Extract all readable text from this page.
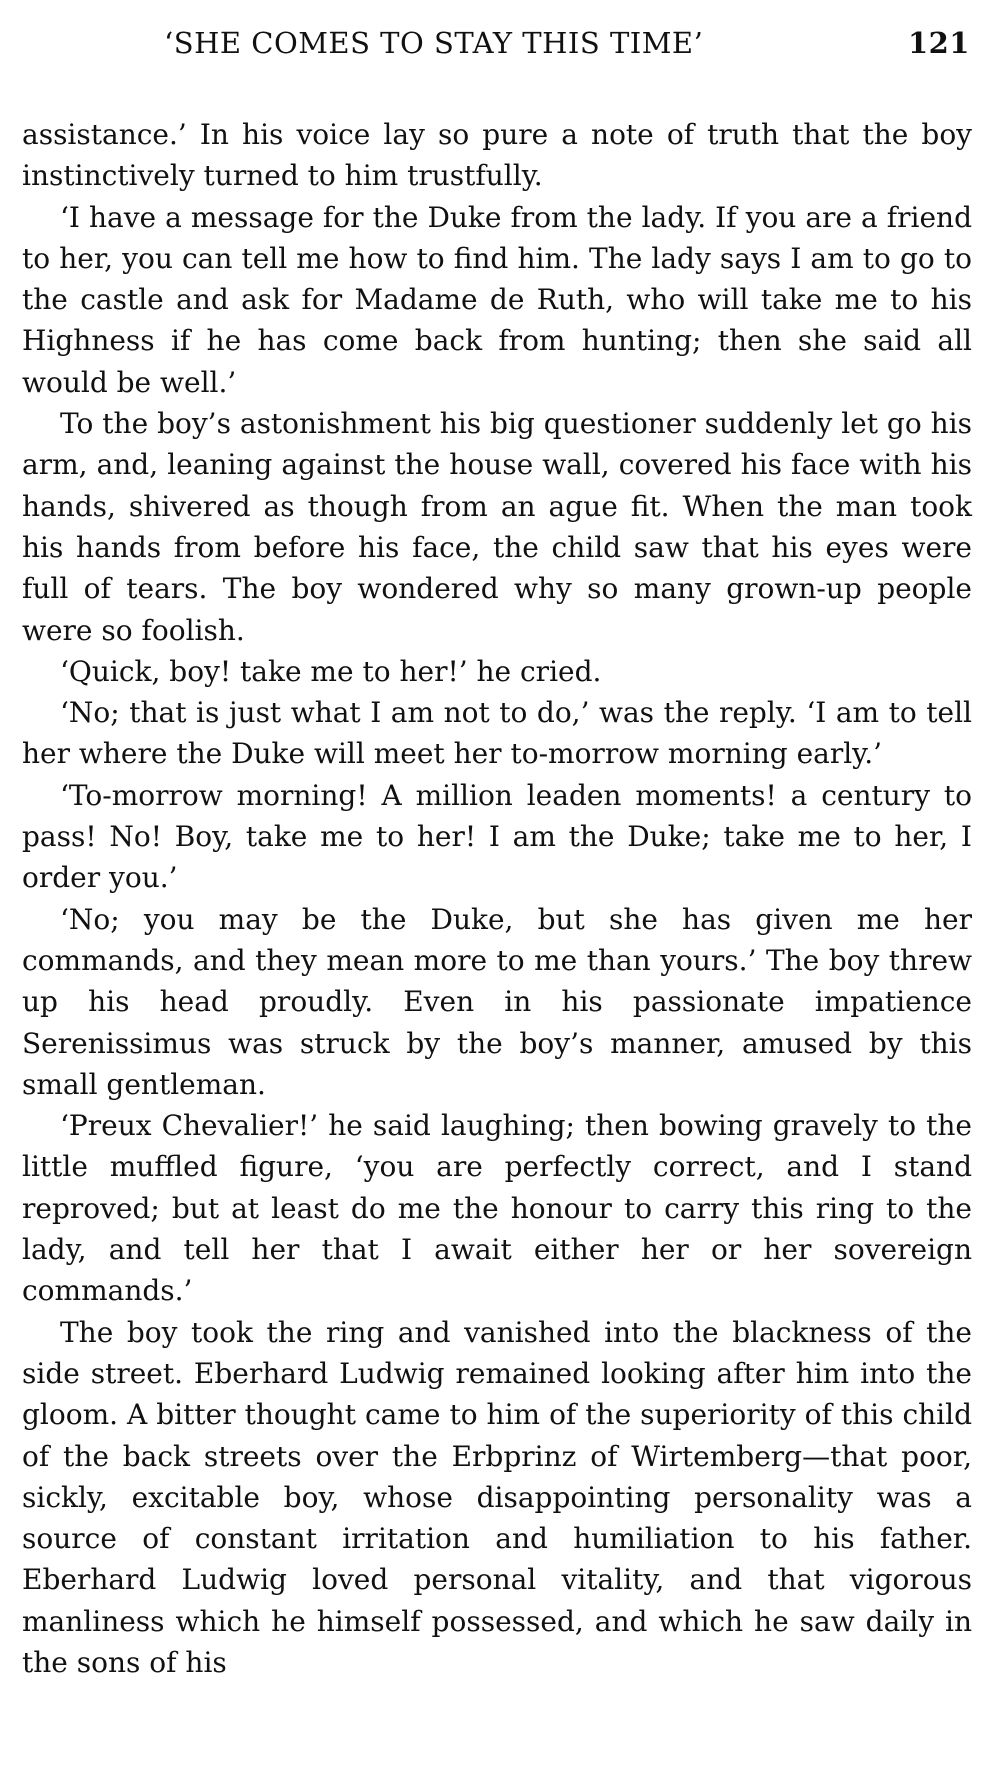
‘SHE COMES TO STAY THIS TIME’	121

assistance.’ In his voice lay so pure a note of truth that the boy instinctively turned to him trustfully.

‘I have a message for the Duke from the lady. If you are a friend to her, you can tell me how to find him. The lady says I am to go to the castle and ask for Madame de Ruth, who will take me to his Highness if he has come back from hunting; then she said all would be well.’

To the boy’s astonishment his big questioner suddenly let go his arm, and, leaning against the house wall, covered his face with his hands, shivered as though from an ague fit. When the man took his hands from before his face, the child saw that his eyes were full of tears. The boy wondered why so many grown-up people were so foolish.

‘Quick, boy! take me to her!’ he cried.

‘No; that is just what I am not to do,’ was the reply. ‘I am to tell her where the Duke will meet her to-morrow morning early.’

‘To-morrow morning! A million leaden moments! a century to pass! No! Boy, take me to her! I am the Duke; take me to her, I order you.’

‘No; you may be the Duke, but she has given me her commands, and they mean more to me than yours.’ The boy threw up his head proudly. Even in his passionate impatience Serenissimus was struck by the boy’s manner, amused by this small gentleman.

‘Preux Chevalier!’ he said laughing; then bowing gravely to the little muffled figure, ‘you are perfectly correct, and I stand reproved; but at least do me the honour to carry this ring to the lady, and tell her that I await either her or her sovereign commands.’

The boy took the ring and vanished into the blackness of the side street. Eberhard Ludwig remained looking after him into the gloom. A bitter thought came to him of the superiority of this child of the back streets over the Erbprinz of Wirtemberg—that poor, sickly, excitable boy, whose disappointing personality was a source of constant irritation and humiliation to his father. Eberhard Ludwig loved personal vitality, and that vigorous manliness which he himself possessed, and which he saw daily in the sons of his
